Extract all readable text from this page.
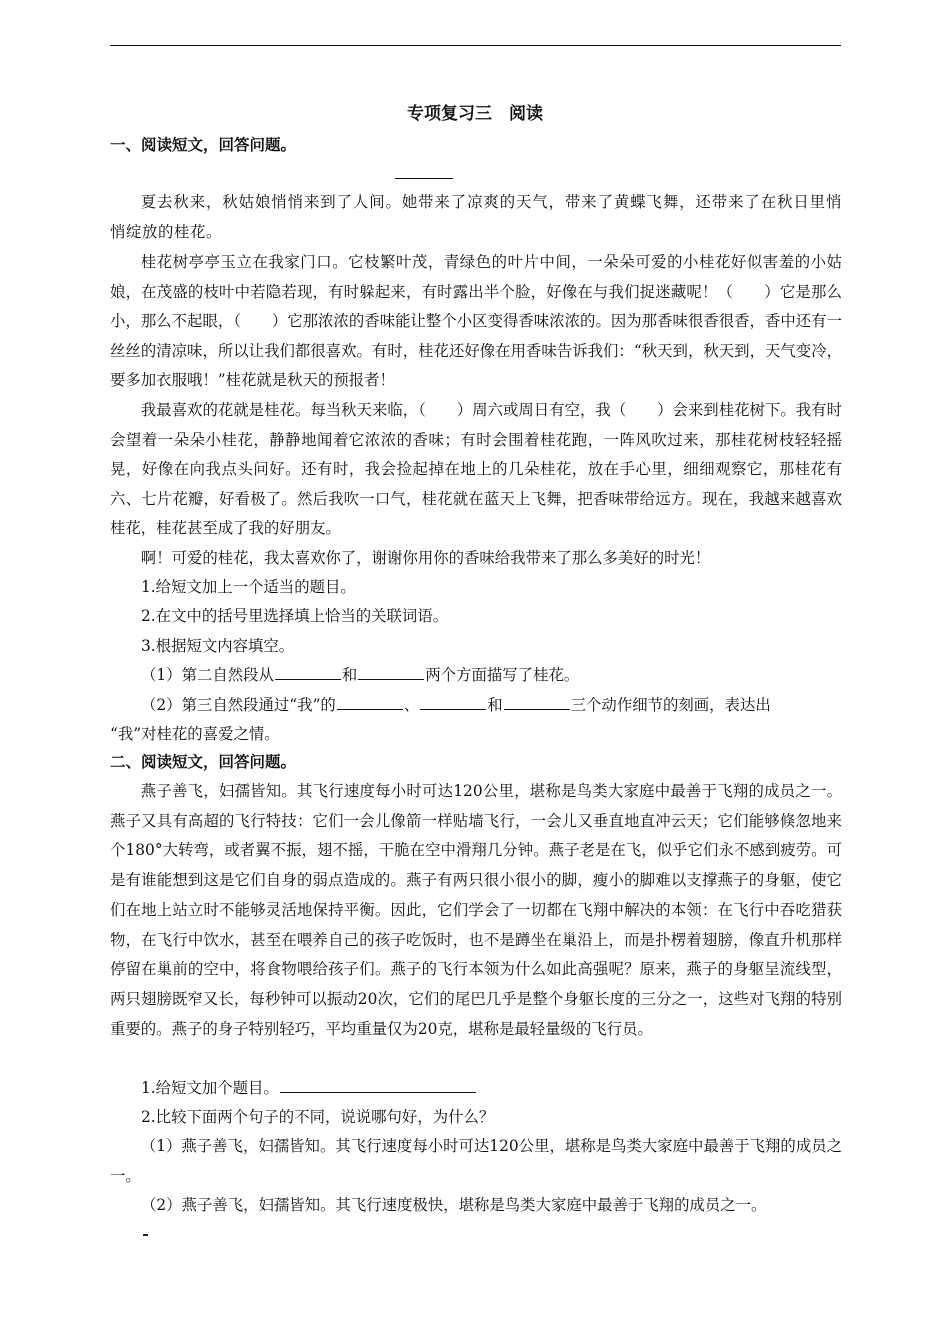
专项复习三　阅读
一、阅读短文，回答问题。

夏去秋来，秋姑娘悄悄来到了人间。她带来了凉爽的天气，带来了黄蝶飞舞，还带来了在秋日里悄悄绽放的桂花。

桂花树亭亭玉立在我家门口。它枝繁叶茂，青绿色的叶片中间，一朵朵可爱的小桂花好似害羞的小姑娘，在茂盛的枝叶中若隐若现，有时躲起来，有时露出半个脸，好像在与我们捉迷藏呢！（　　）它是那么小，那么不起眼，（　　）它那浓浓的香味能让整个小区变得香味浓浓的。因为那香味很香很香，香中还有一丝丝的清凉味，所以让我们都很喜欢。有时，桂花还好像在用香味告诉我们：“秋天到，秋天到，天气变冷，要多加衣服哦！”桂花就是秋天的预报者！

我最喜欢的花就是桂花。每当秋天来临，（　　）周六或周日有空，我（　　）会来到桂花树下。我有时会望着一朵朵小桂花，静静地闻着它浓浓的香味；有时会围着桂花跑，一阵风吹过来，那桂花树枝轻轻摇晃，好像在向我点头问好。还有时，我会捡起掉在地上的几朵桂花，放在手心里，细细观察它，那桂花有六、七片花瓣，好看极了。然后我吹一口气，桂花就在蓝天上飞舞，把香味带给远方。现在，我越来越喜欢桂花，桂花甚至成了我的好朋友。

啊！可爱的桂花，我太喜欢你了，谢谢你用你的香味给我带来了那么多美好的时光！

1.给短文加上一个适当的题目。

2.在文中的括号里选择填上恰当的关联词语。

3.根据短文内容填空。

（1）第二自然段从	和	两个方面描写了桂花。

（2）第三自然段通过“我”的	、	和	三个动作细节的刻画，表达出

“我”对桂花的喜爱之情。

二、阅读短文，回答问题。

燕子善飞，妇孺皆知。其飞行速度每小时可达120公里，堪称是鸟类大家庭中最善于飞翔的成员之一。燕子又具有高超的飞行特技：它们一会儿像箭一样贴墙飞行，一会儿又垂直地直冲云天；它们能够倏忽地来个180°大转弯，或者翼不振，翅不摇，干脆在空中滑翔几分钟。燕子老是在飞，似乎它们永不感到疲劳。可是有谁能想到这是它们自身的弱点造成的。燕子有两只很小很小的脚，瘦小的脚难以支撑燕子的身躯，使它们在地上站立时不能够灵活地保持平衡。因此，它们学会了一切都在飞翔中解决的本领：在飞行中吞吃猎获物，在飞行中饮水，甚至在喂养自己的孩子吃饭时，也不是蹲坐在巢沿上，而是扑楞着翅膀，像直升机那样停留在巢前的空中，将食物喂给孩子们。燕子的飞行本领为什么如此高强呢？原来，燕子的身躯呈流线型，两只翅膀既窄又长，每秒钟可以振动20次，它们的尾巴几乎是整个身躯长度的三分之一，这些对飞翔的特别重要的。燕子的身子特别轻巧，平均重量仅为20克，堪称是最轻量级的飞行员。

1.给短文加个题目。

2.比较下面两个句子的不同，说说哪句好，为什么？

（1）燕子善飞，妇孺皆知。其飞行速度每小时可达120公里，堪称是鸟类大家庭中最善于飞翔的成员之一。

（2）燕子善飞，妇孺皆知。其飞行速度极快，堪称是鸟类大家庭中最善于飞翔的成员之一。
